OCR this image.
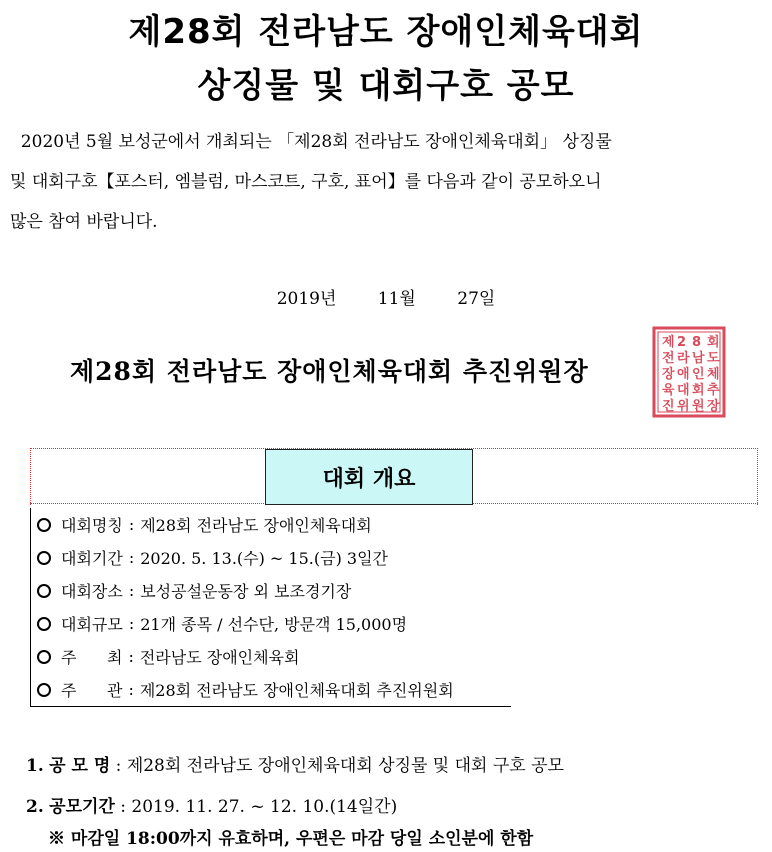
제28회 전라남도 장애인체육대회
상징물 및 대회구호 공모

2020년 5월 보성군에서 개최되는 「제28회 전라남도 장애인체육대회」 상징물

및 대회구호【포스터, 엠블럼, 마스코트, 구호, 표어】를 다음과 같이 공모하오니

많은 참여 바랍니다.

2019년 11월 27일
제28회 전라남도 장애인체육대회 추진위원장
제 2 8 회
전 라 남 도
장 애 인 체
육 대 회 추
진 위 원 장
대회 개요
대회명칭 : 제28회 전라남도 장애인체육대회
대회기간 : 2020. 5. 13.(수) ~ 15.(금) 3일간
대회장소 : 보성공설운동장 외 보조경기장
대회규모 : 21개 종목 / 선수단, 방문객 15,000명
주      최 : 전라남도 장애인체육회
주      관 : 제28회 전라남도 장애인체육대회 추진위원회
1. 공 모 명 : 제28회 전라남도 장애인체육대회 상징물 및 대회 구호 공모
2. 공모기간 : 2019. 11. 27. ~ 12. 10.(14일간)
※ 마감일 18:00까지 유효하며, 우편은 마감 당일 소인분에 한함
